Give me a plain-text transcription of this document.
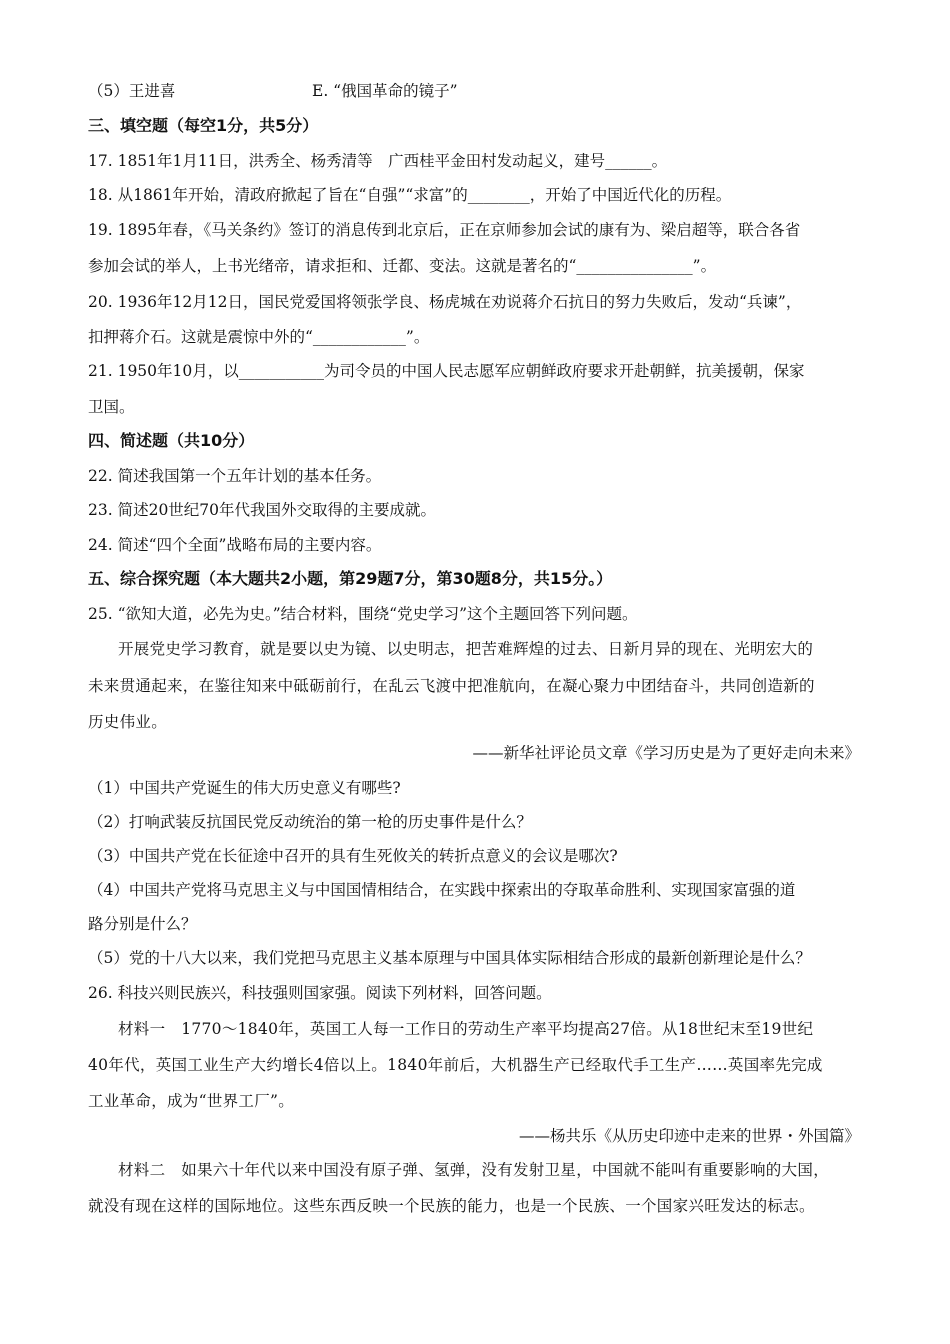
（5）王进喜	E. “俄国革命的镜子”
三、填空题（每空1分，共5分）
17. 1851年1月11日，洪秀全、杨秀清等　广西桂平金田村发动起义，建号______。
18. 从1861年开始，清政府掀起了旨在“自强”“求富”的________，开始了中国近代化的历程。
19. 1895年春，《马关条约》签订的消息传到北京后，正在京师参加会试的康有为、梁启超等，联合各省
参加会试的举人，上书光绪帝，请求拒和、迁都、变法。这就是著名的“_______________”。
20. 1936年12月12日，国民党爱国将领张学良、杨虎城在劝说蒋介石抗日的努力失败后，发动“兵谏”，
扣押蒋介石。这就是震惊中外的“____________”。
21. 1950年10月，以___________为司令员的中国人民志愿军应朝鲜政府要求开赴朝鲜，抗美援朝，保家
卫国。
四、简述题（共10分）
22. 简述我国第一个五年计划的基本任务。
23. 简述20世纪70年代我国外交取得的主要成就。
24. 简述“四个全面”战略布局的主要内容。
五、综合探究题（本大题共2小题，第29题7分，第30题8分，共15分。）
25. “欲知大道，必先为史。”结合材料，围绕“党史学习”这个主题回答下列问题。
开展党史学习教育，就是要以史为镜、以史明志，把苦难辉煌的过去、日新月异的现在、光明宏大的
未来贯通起来，在鉴往知来中砥砺前行，在乱云飞渡中把准航向，在凝心聚力中团结奋斗，共同创造新的
历史伟业。
——新华社评论员文章《学习历史是为了更好走向未来》
（1）中国共产党诞生的伟大历史意义有哪些?
（2）打响武装反抗国民党反动统治的第一枪的历史事件是什么？
（3）中国共产党在长征途中召开的具有生死攸关的转折点意义的会议是哪次?
（4）中国共产党将马克思主义与中国国情相结合，在实践中探索出的夺取革命胜利、实现国家富强的道
路分别是什么？
（5）党的十八大以来，我们党把马克思主义基本原理与中国具体实际相结合形成的最新创新理论是什么？
26. 科技兴则民族兴，科技强则国家强。阅读下列材料，回答问题。
材料一　1770～1840年，英国工人每一工作日的劳动生产率平均提高27倍。从18世纪末至19世纪
40年代，英国工业生产大约增长4倍以上。1840年前后，大机器生产已经取代手工生产……英国率先完成
工业革命，成为“世界工厂”。
——杨共乐《从历史印迹中走来的世界・外国篇》
材料二　如果六十年代以来中国没有原子弹、氢弹，没有发射卫星，中国就不能叫有重要影响的大国，
就没有现在这样的国际地位。这些东西反映一个民族的能力，也是一个民族、一个国家兴旺发达的标志。
